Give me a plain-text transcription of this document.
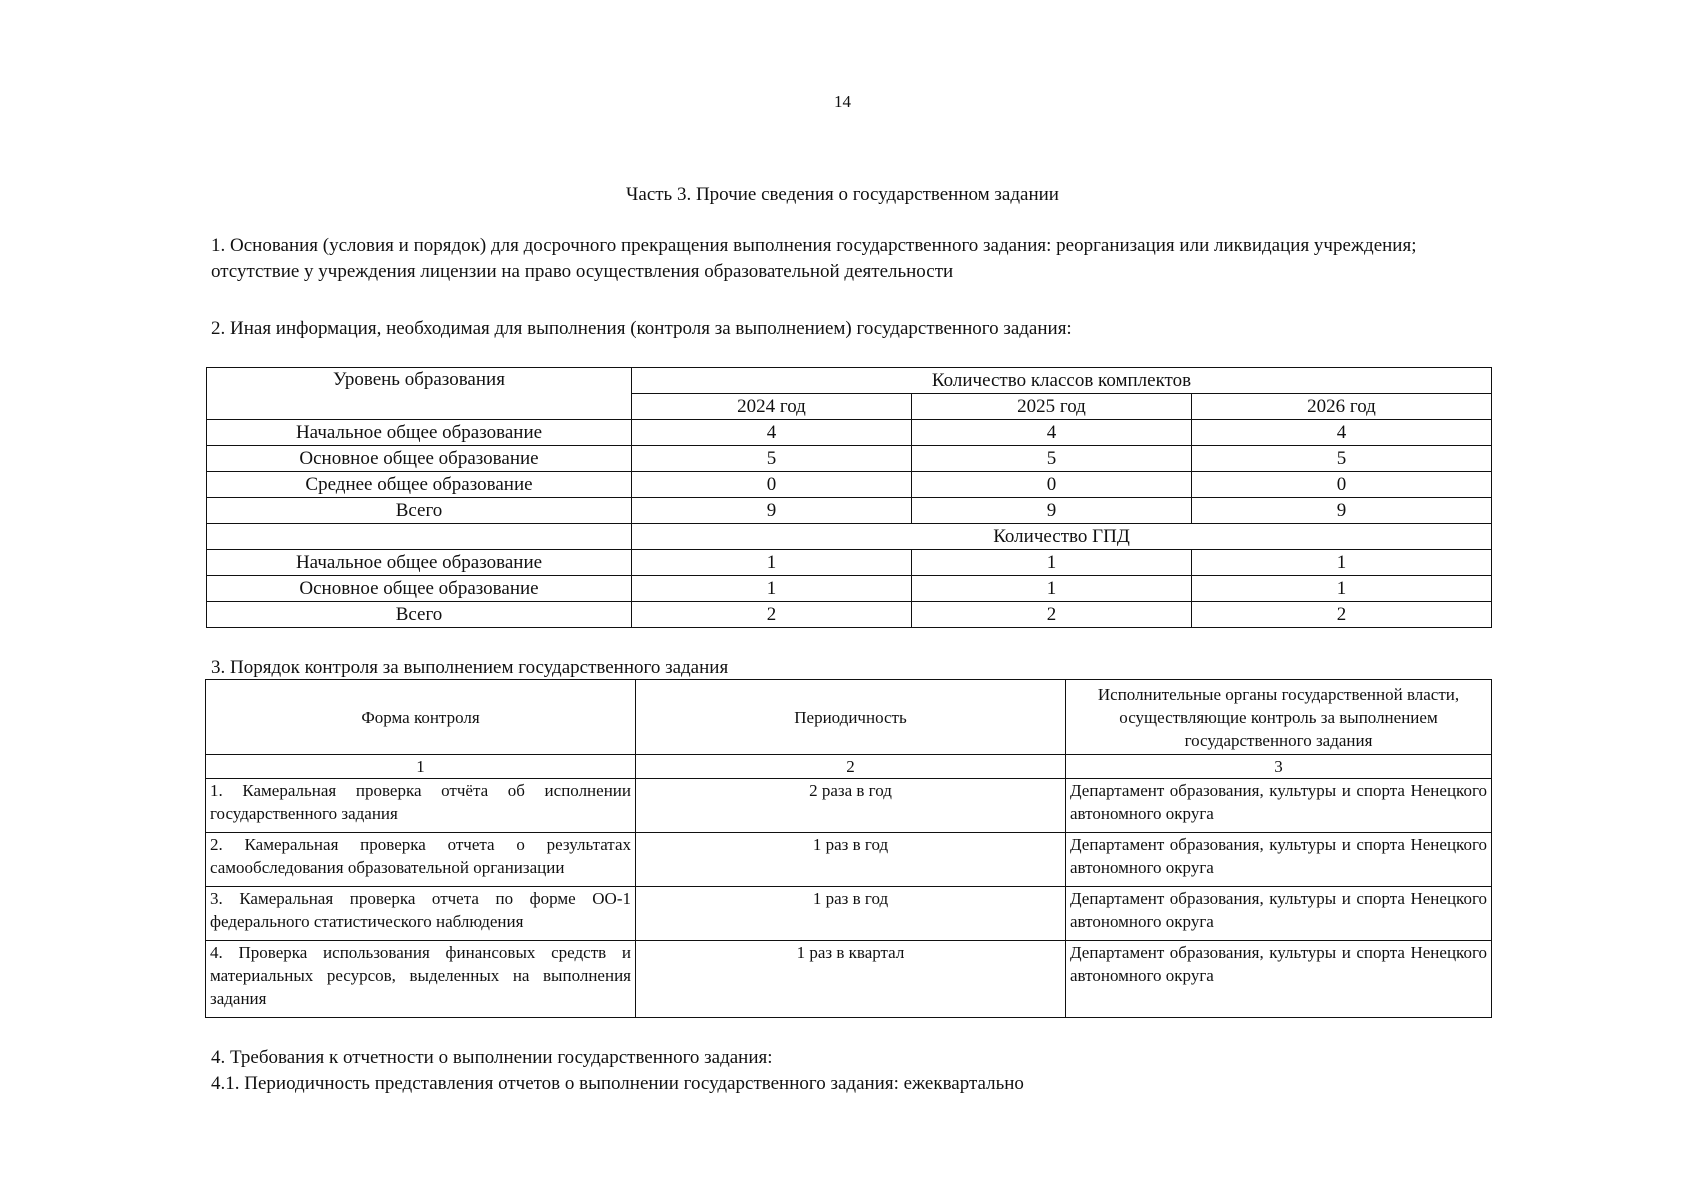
14
Часть 3. Прочие сведения о государственном задании
1. Основания (условия и порядок) для досрочного прекращения выполнения государственного задания: реорганизация или ликвидация учреждения; отсутствие у учреждения лицензии на право осуществления образовательной деятельности
2. Иная информация, необходимая для выполнения (контроля за выполнением) государственного задания:
Уровень образования	Количество классов комплектов		
	2024 год	2025 год	2026 год
Начальное общее образование	4	4	4
Основное общее образование	5	5	5
Среднее общее образование	0	0	0
Всего	9	9	9
	Количество ГПД		
Начальное общее образование	1	1	1
Основное общее образование	1	1	1
Всего	2	2	2
3. Порядок контроля за выполнением государственного задания
Форма контроля	Периодичность	Исполнительные органы государственной власти, осуществляющие контроль за выполнением государственного задания
1	2	3
1. Камеральная проверка отчёта об исполнении государственного задания	2 раза в год	Департамент образования, культуры и спорта Ненецкого автономного округа
2. Камеральная проверка отчета о результатах самообследования образовательной организации	1 раз в год	Департамент образования, культуры и спорта Ненецкого автономного округа
3. Камеральная проверка отчета по форме ОО-1 федерального статистического наблюдения	1 раз в год	Департамент образования, культуры и спорта Ненецкого автономного округа
4. Проверка использования финансовых средств и материальных ресурсов, выделенных на выполнения задания	1 раз в квартал	Департамент образования, культуры и спорта Ненецкого автономного округа
4. Требования к отчетности о выполнении государственного задания:
4.1. Периодичность представления отчетов о выполнении государственного задания: ежеквартально
